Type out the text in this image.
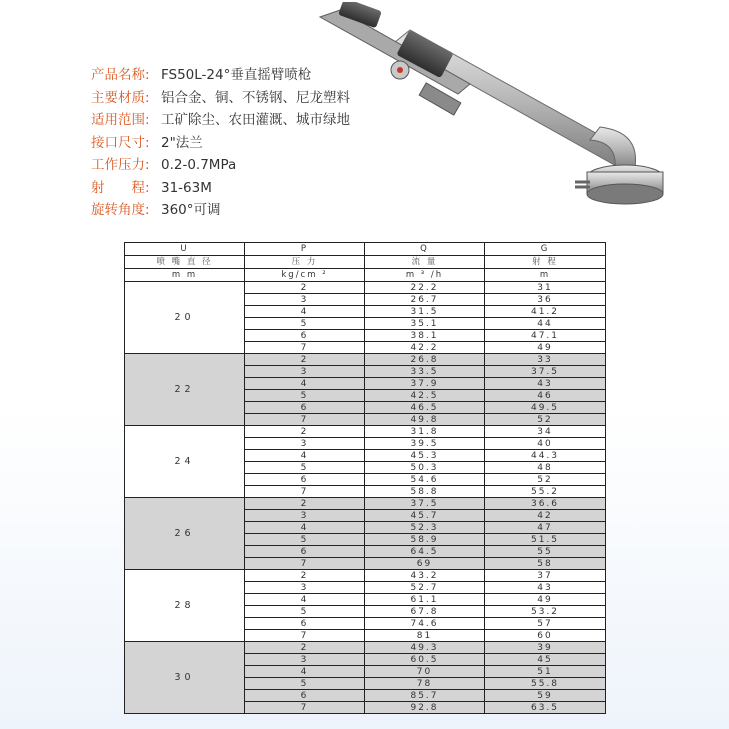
产品名称: FS50L-24°垂直摇臂喷枪
主要材质: 铝合金、铜、不锈钢、尼龙塑料
适用范围: 工矿除尘、农田灌溉、城市绿地
接口尺寸: 2"法兰
工作压力: 0.2-0.7MPa
射　　程: 31-63M
旋转角度: 360°可调
U	P	Q	G
喷 嘴 直 径	压 力	流 量	射 程
m m	kg/cm ²	m ³ /h	m
20	2	22.2	31
	3	26.7	36
	4	31.5	41.2
	5	35.1	44
	6	38.1	47.1
	7	42.2	49
22	2	26.8	33
	3	33.5	37.5
	4	37.9	43
	5	42.5	46
	6	46.5	49.5
	7	49.8	52
24	2	31.8	34
	3	39.5	40
	4	45.3	44.3
	5	50.3	48
	6	54.6	52
	7	58.8	55.2
26	2	37.5	36.6
	3	45.7	42
	4	52.3	47
	5	58.9	51.5
	6	64.5	55
	7	69	58
28	2	43.2	37
	3	52.7	43
	4	61.1	49
	5	67.8	53.2
	6	74.6	57
	7	81	60
30	2	49.3	39
	3	60.5	45
	4	70	51
	5	78	55.8
	6	85.7	59
	7	92.8	63.5
